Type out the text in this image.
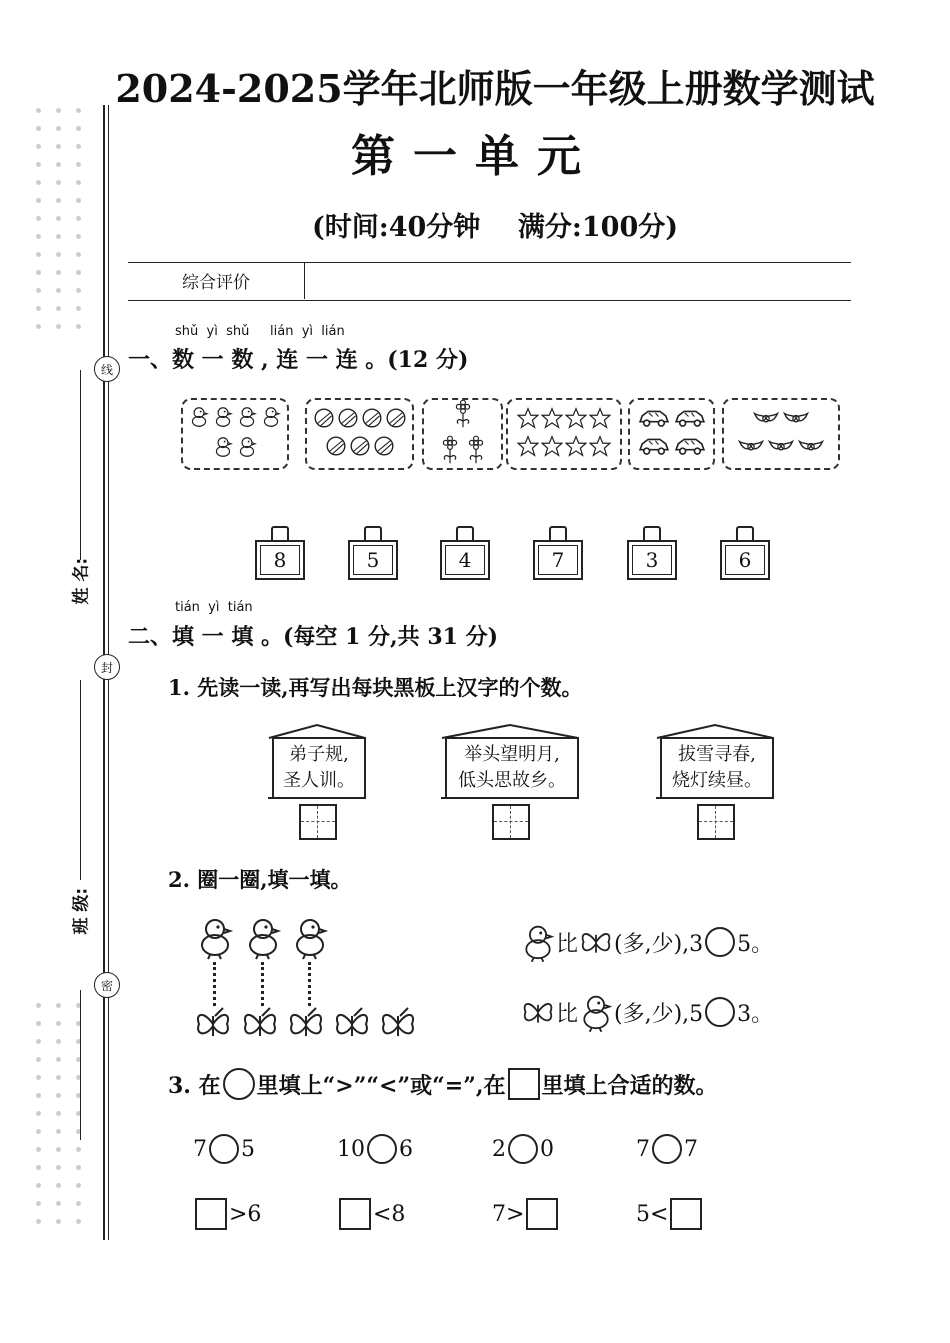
线
封
密
姓 名:
班 级:
2024-2025学年北师版一年级上册数学测试
第一单元
(时间:40分钟    满分:100分)
综合评价
shǔ  yì  shǔ     lián  yì  lián
一、数 一 数 , 连 一 连 。(12 分)
8	5	4	7	3	6
tián  yì  tián
二、填 一 填 。(每空 1 分,共 31 分)
1. 先读一读,再写出每块黑板上汉字的个数。
弟子规,
圣人训。
举头望明月,
低头思故乡。
拔雪寻春,
烧灯续昼。
2. 圈一圈,填一填。
比 (多,少),3 5。
比 (多,少),5 3。
3. 在 里填上“>”“<”或“=”,在 里填上合适的数。
7 5	10 6	2 0	7 7
>6	<8	7>	5<
